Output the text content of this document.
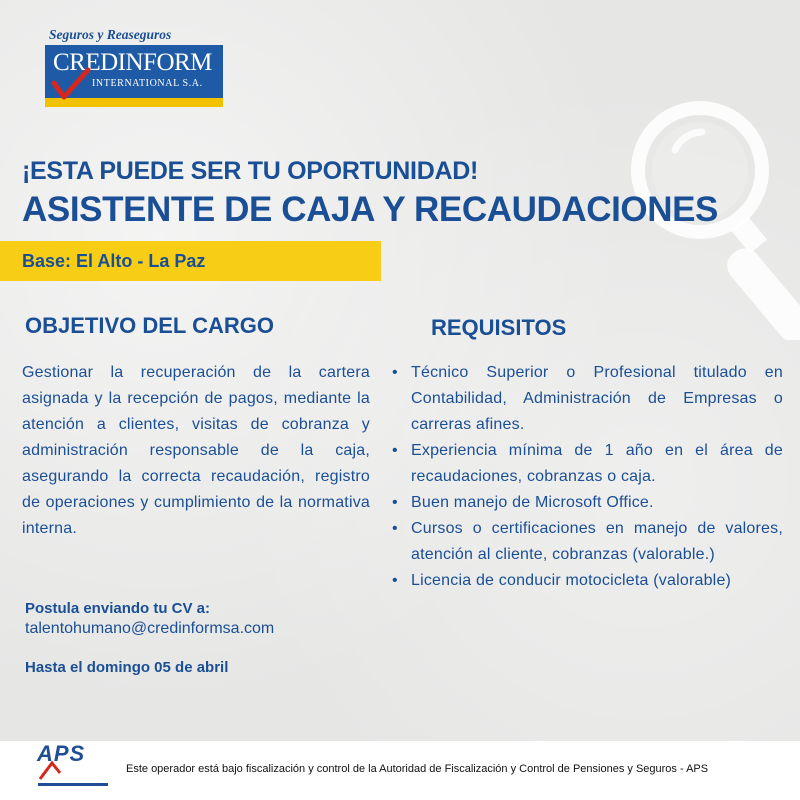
Seguros y Reaseguros
CREDINFORM
INTERNATIONAL S.A.
¡ESTA PUEDE SER TU OPORTUNIDAD!
ASISTENTE DE CAJA Y RECAUDACIONES
Base: El Alto - La Paz
OBJETIVO DEL CARGO	REQUISITOS

Gestionar la recuperación de la cartera asignada y la recepción de pagos, mediante la atención a clientes, visitas de cobranza y administración responsable de la caja, asegurando la correcta recaudación, registro de operaciones y cumplimiento de la normativa interna.

• Técnico Superior o Profesional titulado en Contabilidad, Administración de Empresas o carreras afines.
• Experiencia mínima de 1 año en el área de recaudaciones, cobranzas o caja.
• Buen manejo de Microsoft Office.
• Cursos o certificaciones en manejo de valores, atención al cliente, cobranzas (valorable.)
• Licencia de conducir motocicleta (valorable)

Postula enviando tu CV a:

talentohumano@credinformsa.com

Hasta el domingo 05 de abril

APS
Este operador está bajo fiscalización y control de la Autoridad de Fiscalización y Control de Pensiones y Seguros - APS
